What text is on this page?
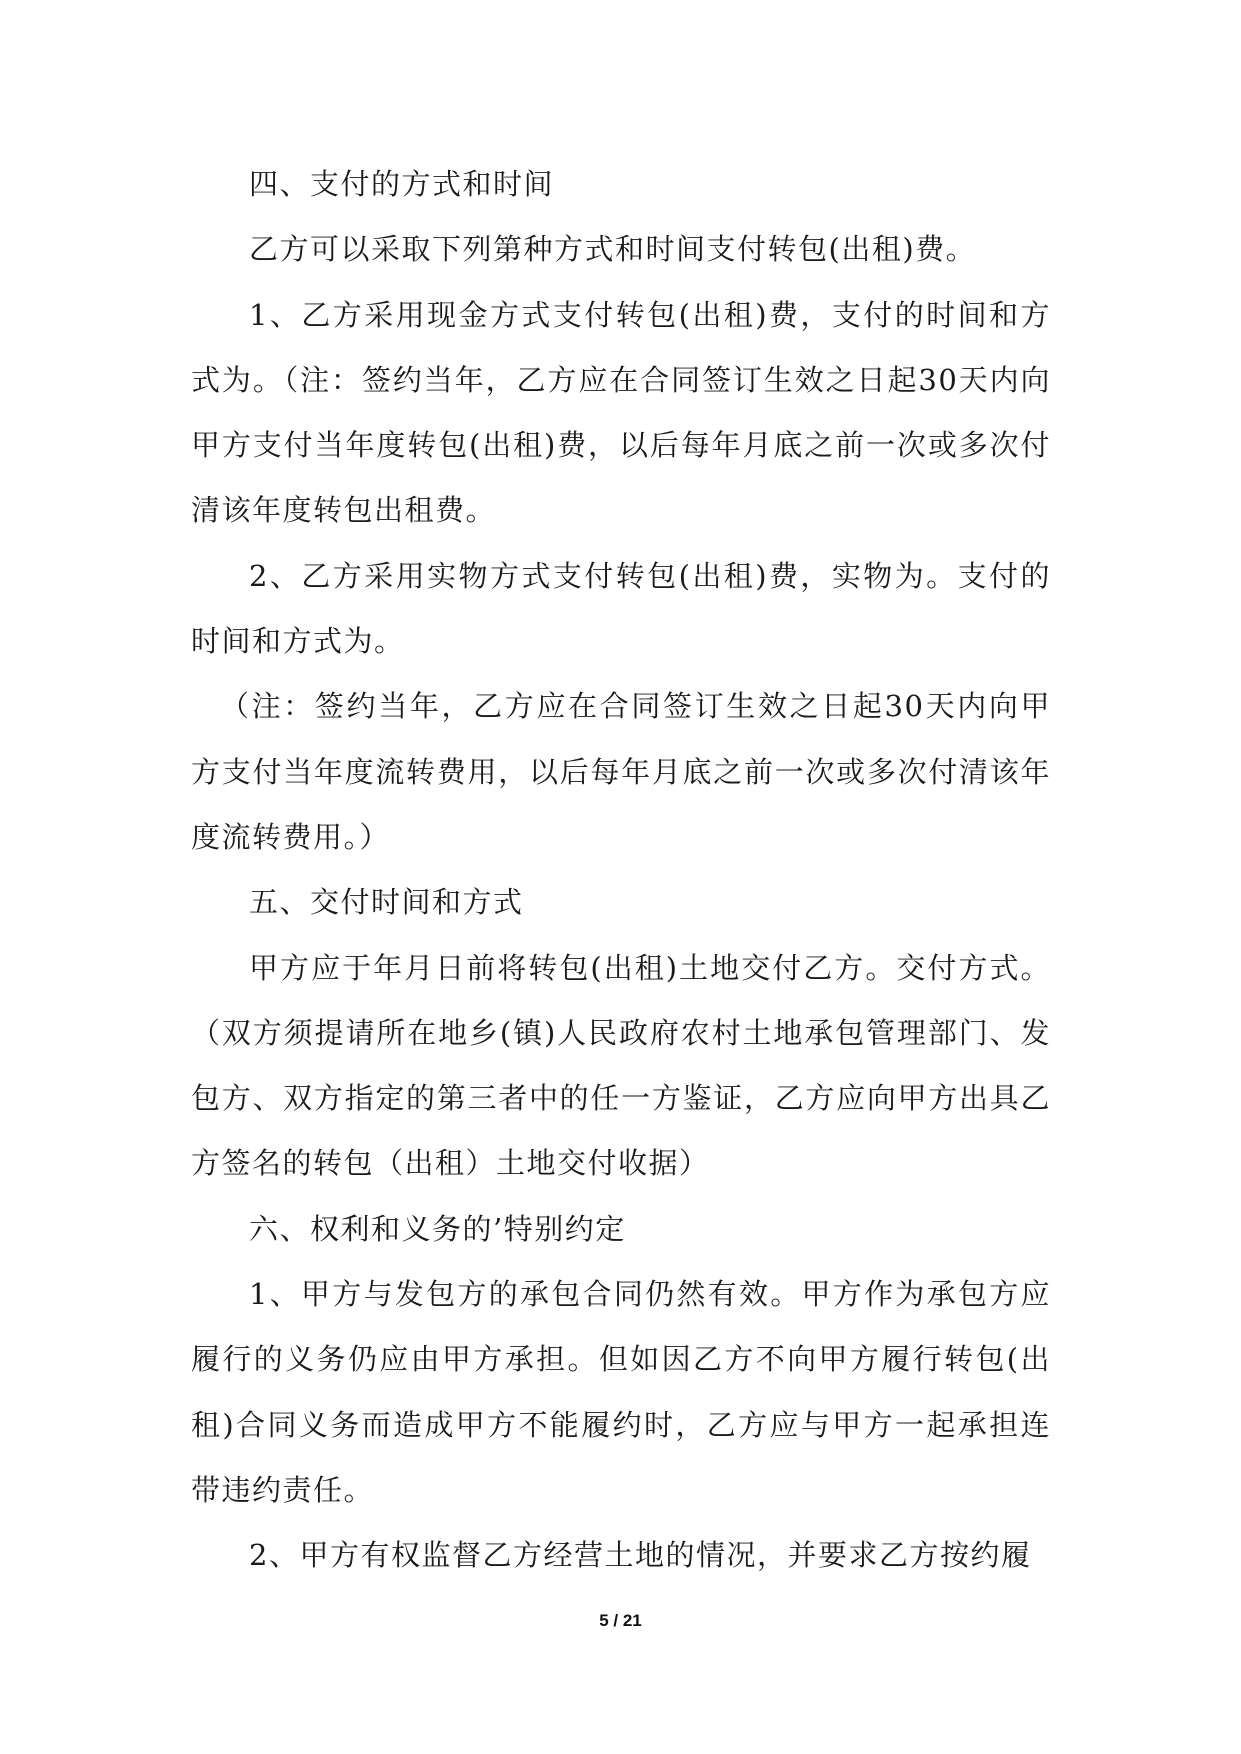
四、支付的方式和时间

乙方可以采取下列第种方式和时间支付转包(出租)费。

1、乙方采用现金方式支付转包(出租)费，支付的时间和方式为。（注：签约当年，乙方应在合同签订生效之日起30天内向甲方支付当年度转包(出租)费，以后每年月底之前一次或多次付清该年度转包出租费。

2、乙方采用实物方式支付转包(出租)费，实物为。支付的时间和方式为。

（注：签约当年，乙方应在合同签订生效之日起30天内向甲方支付当年度流转费用，以后每年月底之前一次或多次付清该年度流转费用。）

五、交付时间和方式

甲方应于年月日前将转包(出租)土地交付乙方。交付方式。（双方须提请所在地乡(镇)人民政府农村土地承包管理部门、发包方、双方指定的第三者中的任一方鉴证，乙方应向甲方出具乙方签名的转包（出租）土地交付收据）

六、权利和义务的’特别约定

1、甲方与发包方的承包合同仍然有效。甲方作为承包方应履行的义务仍应由甲方承担。但如因乙方不向甲方履行转包(出租)合同义务而造成甲方不能履约时，乙方应与甲方一起承担连带违约责任。

2、甲方有权监督乙方经营土地的情况，并要求乙方按约履

5 / 21
